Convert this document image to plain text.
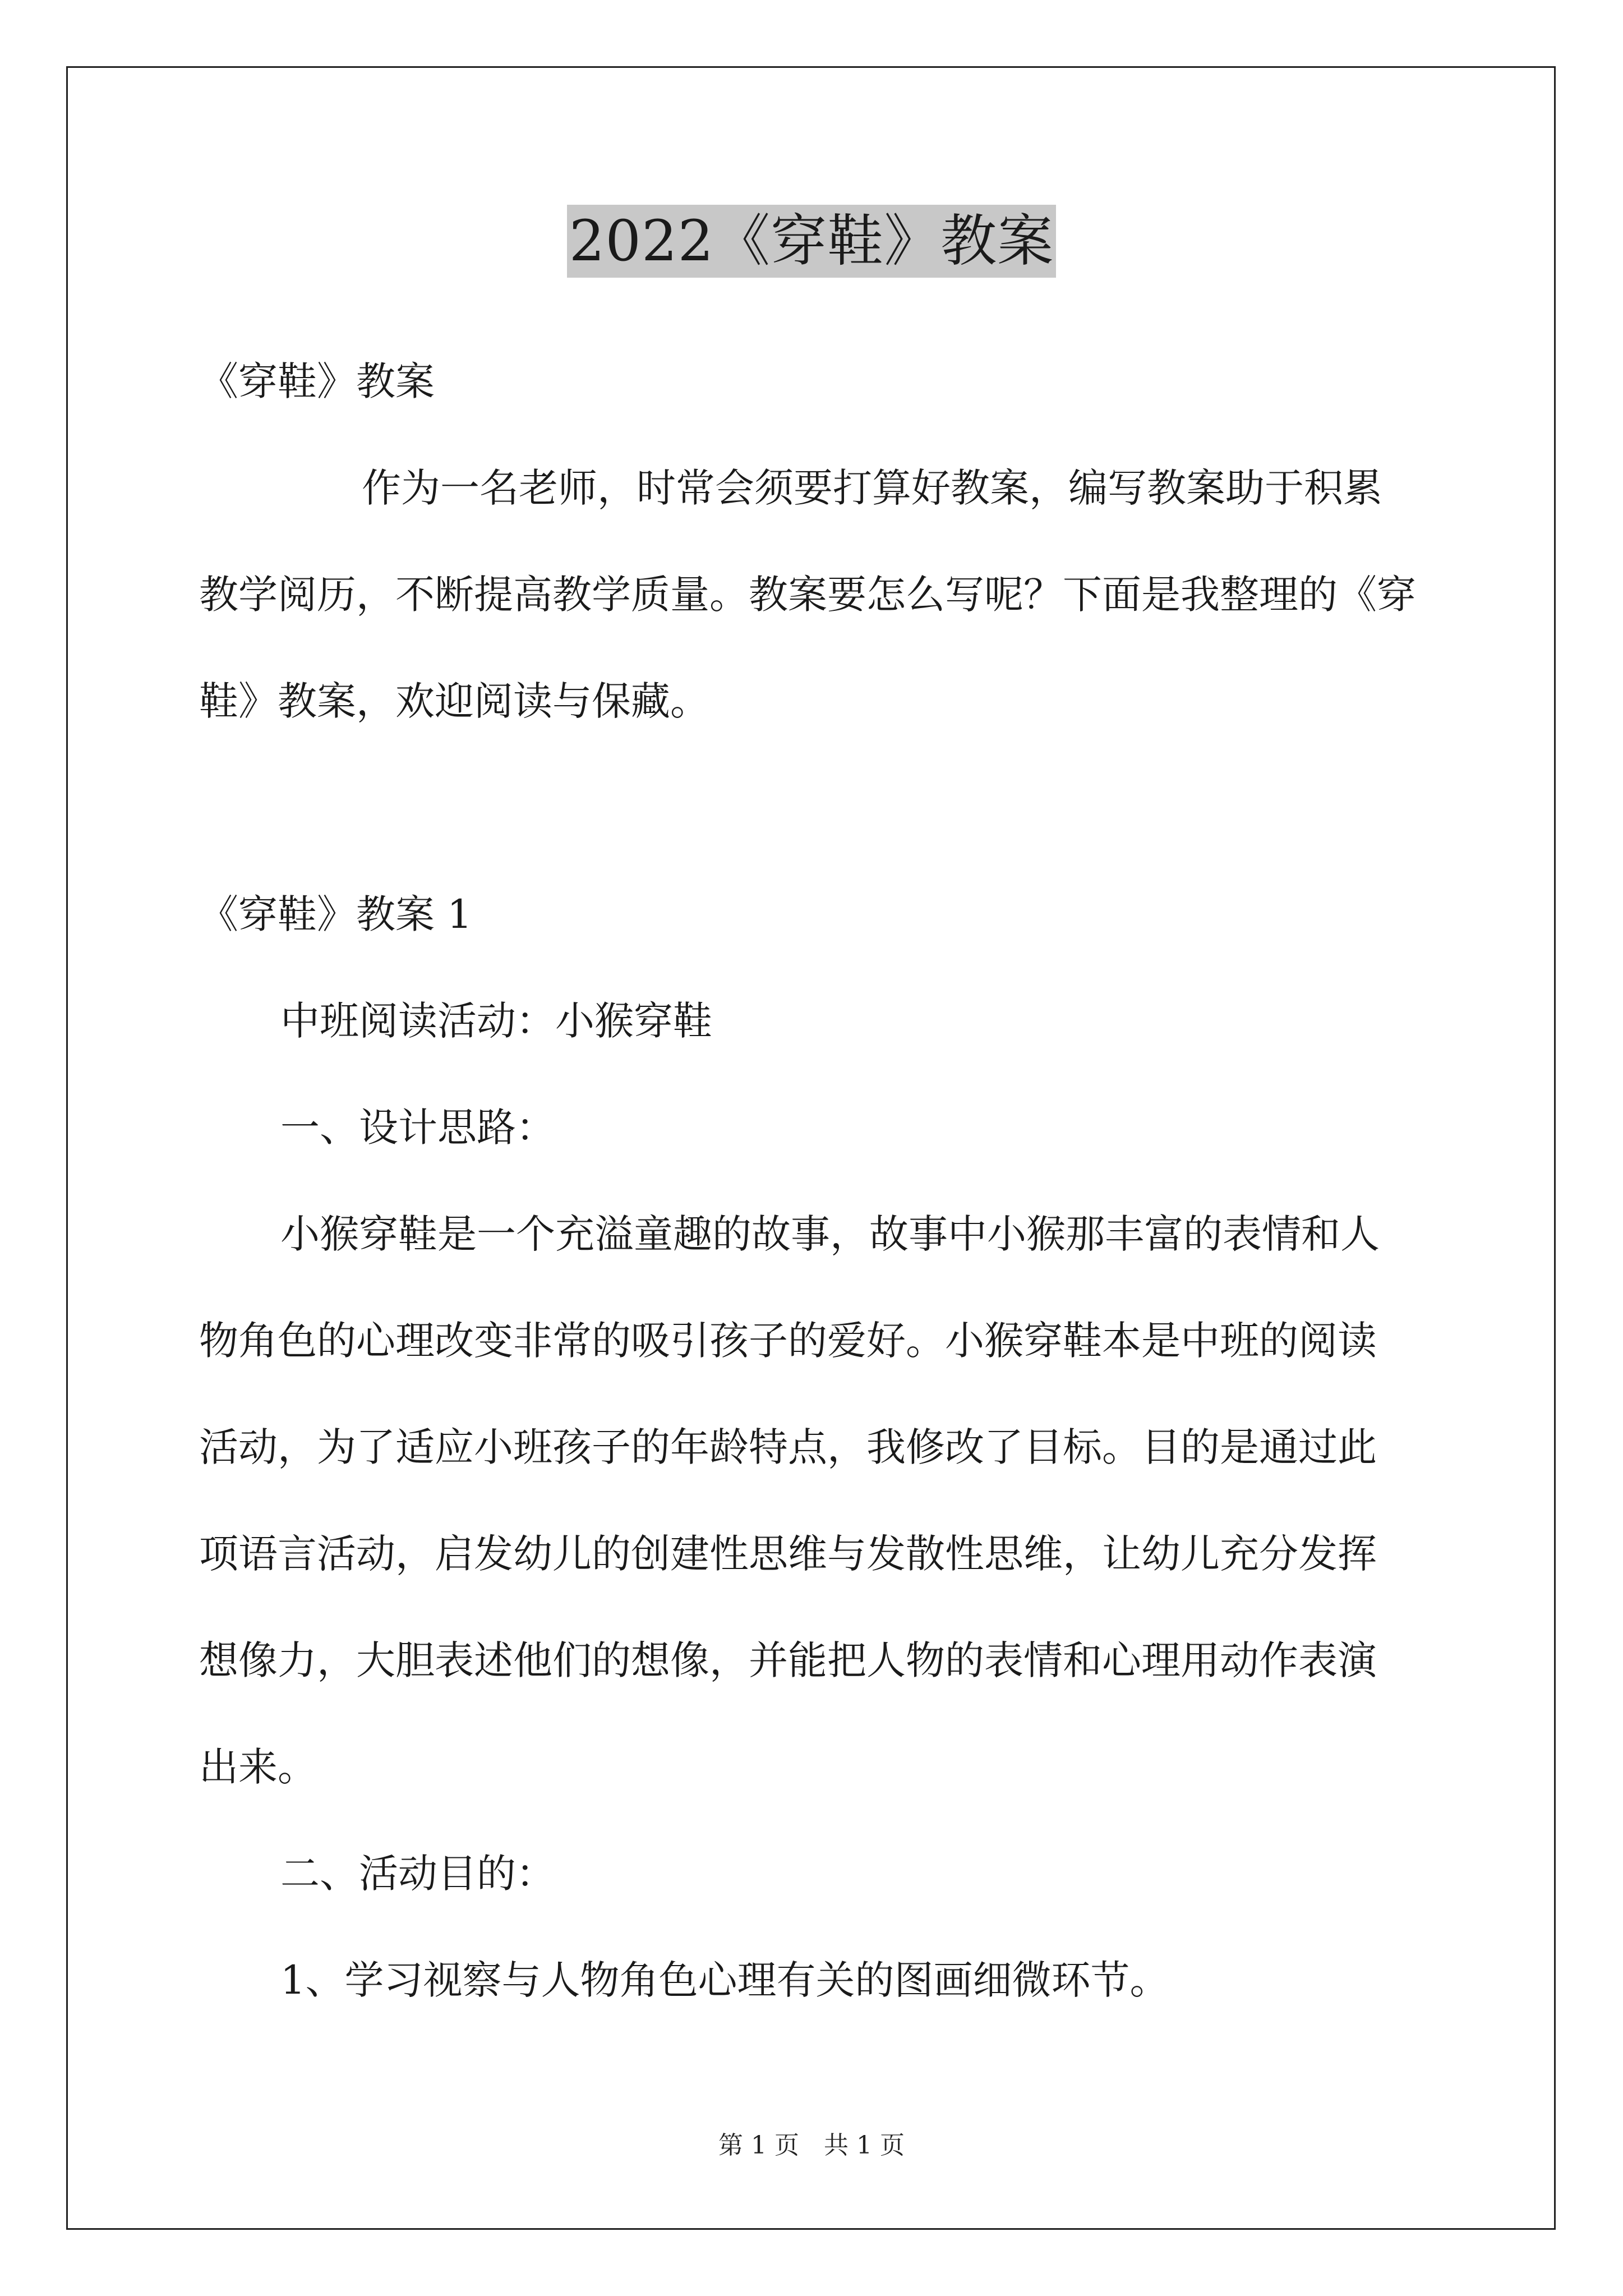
2022《穿鞋》教案

《穿鞋》教案

作为一名老师，时常会须要打算好教案，编写教案助于积累

教学阅历，不断提高教学质量。教案要怎么写呢？下面是我整理的《穿

鞋》教案，欢迎阅读与保藏。

《穿鞋》教案 1

中班阅读活动：小猴穿鞋

一、设计思路：

小猴穿鞋是一个充溢童趣的故事，故事中小猴那丰富的表情和人

物角色的心理改变非常的吸引孩子的爱好。小猴穿鞋本是中班的阅读

活动，为了适应小班孩子的年龄特点，我修改了目标。目的是通过此

项语言活动，启发幼儿的创建性思维与发散性思维，让幼儿充分发挥

想像力，大胆表述他们的想像，并能把人物的表情和心理用动作表演

出来。

二、活动目的：

1、学习视察与人物角色心理有关的图画细微环节。

第 1 页　共 1 页
